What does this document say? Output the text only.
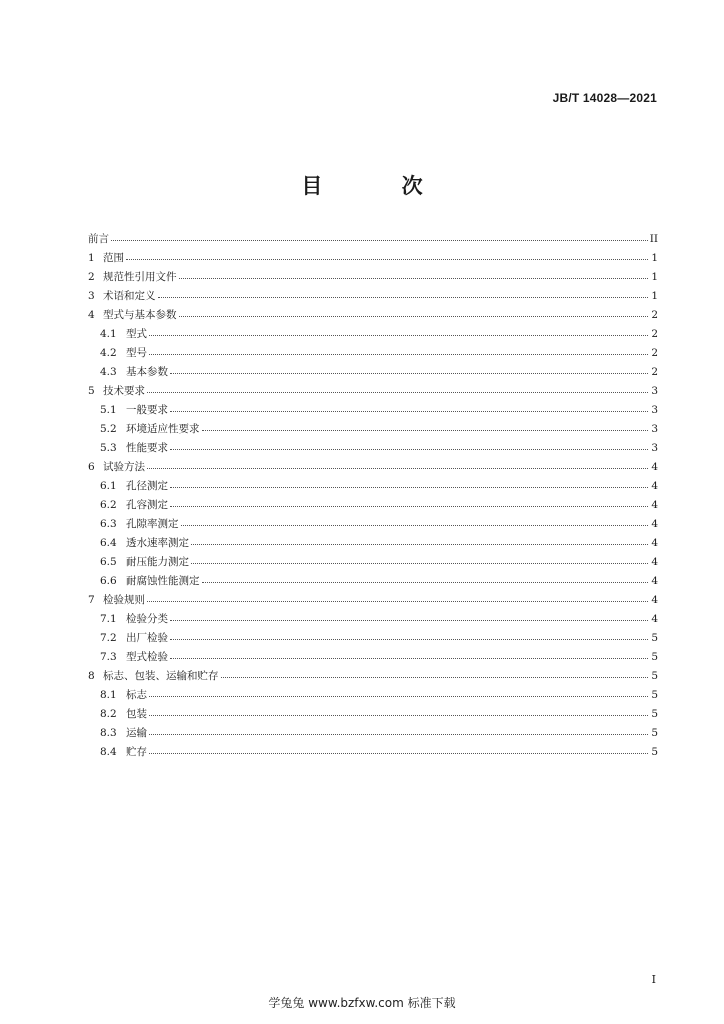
JB/T 14028—2021
目 次
前言	II
1 范围	1
2 规范性引用文件	1
3 术语和定义	1
4 型式与基本参数	2
4.1 型式	2
4.2 型号	2
4.3 基本参数	2
5 技术要求	3
5.1 一般要求	3
5.2 环境适应性要求	3
5.3 性能要求	3
6 试验方法	4
6.1 孔径测定	4
6.2 孔容测定	4
6.3 孔隙率测定	4
6.4 透水速率测定	4
6.5 耐压能力测定	4
6.6 耐腐蚀性能测定	4
7 检验规则	4
7.1 检验分类	4
7.2 出厂检验	5
7.3 型式检验	5
8 标志、包装、运输和贮存	5
8.1 标志	5
8.2 包装	5
8.3 运输	5
8.4 贮存	5
I
学兔兔 www.bzfxw.com 标准下载
